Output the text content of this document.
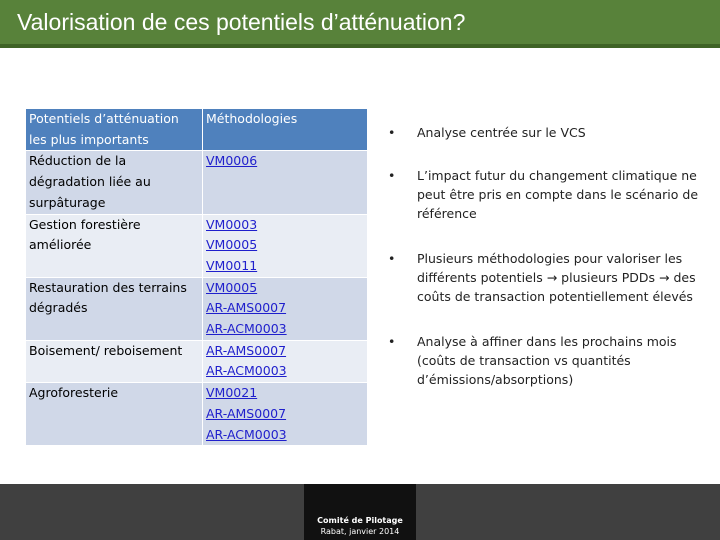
Valorisation de ces potentiels d’atténuation?
Potentiels d’atténuation les plus importants	Méthodologies
Réduction de la dégradation liée au surpâturage	VM0006

Gestion forestière améliorée	VM0003
VM0005
VM0011

Restauration des terrains dégradés	VM0005
AR-AMS0007
AR-ACM0003

Boisement/ reboisement	AR-AMS0007
AR-ACM0003

Agroforesterie	VM0021
AR-AMS0007
AR-ACM0003
• Analyse centrée sur le VCS
• L’impact futur du changement climatique ne peut être pris en compte dans le scénario de référence
• Plusieurs méthodologies pour valoriser les différents potentiels → plusieurs PDDs → des coûts de transaction potentiellement élevés
• Analyse à affiner dans les prochains mois (coûts de transaction vs quantités d’émissions/absorptions)
Comité de Pilotage
Rabat, janvier 2014
